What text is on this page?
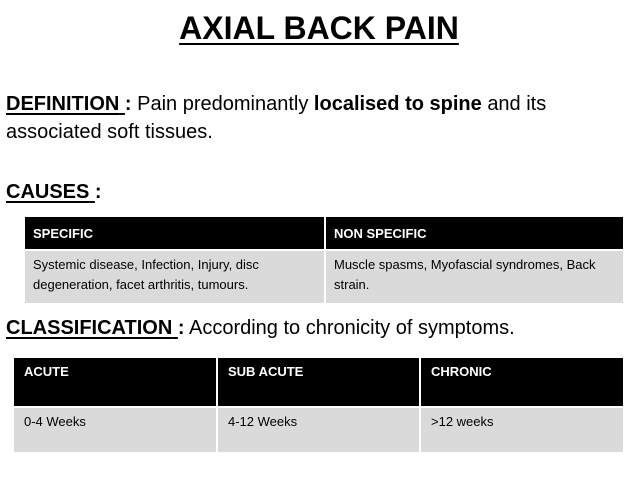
AXIAL BACK PAIN
DEFINITION : Pain predominantly localised to spine and its associated soft tissues.
CAUSES :
SPECIFIC	NON SPECIFIC
Systemic disease, Infection, Injury, disc degeneration, facet arthritis, tumours.	Muscle spasms, Myofascial syndromes, Back strain.
CLASSIFICATION : According to chronicity of symptoms.
ACUTE	SUB ACUTE	CHRONIC
0-4 Weeks	4-12 Weeks	>12 weeks
